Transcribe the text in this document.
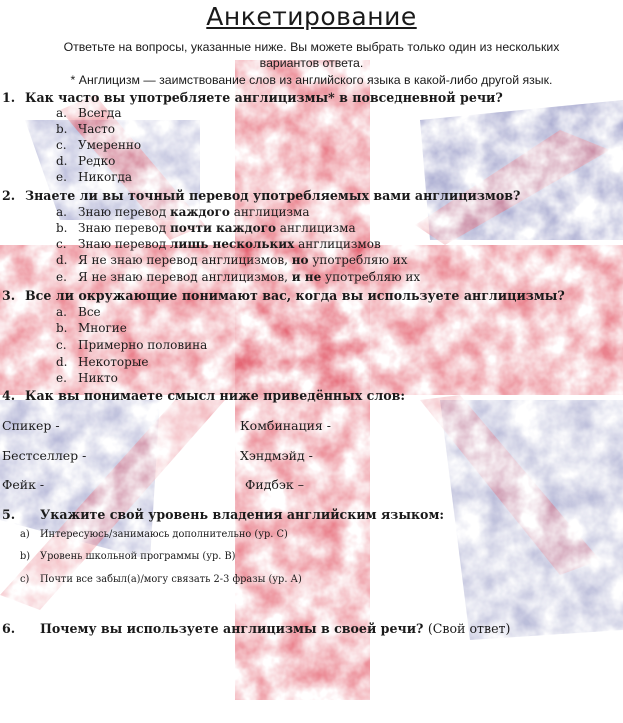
Анкетирование
Ответьте на вопросы, указанные ниже. Вы можете выбрать только один из нескольких
вариантов ответа.
* Англицизм — заимствование слов из английского языка в какой-либо другой язык.
1. Как часто вы употребляете англицизмы* в повседневной речи?
a. Всегда
b. Часто
c. Умеренно
d. Редко
e. Никогда
2. Знаете ли вы точный перевод употребляемых вами англицизмов?
a. Знаю перевод каждого англицизма
b. Знаю перевод почти каждого англицизма
c. Знаю перевод лишь нескольких англицизмов
d. Я не знаю перевод англицизмов, но употребляю их
e. Я не знаю перевод англицизмов, и не употребляю их
3. Все ли окружающие понимают вас, когда вы используете англицизмы?
a. Все
b. Многие
c. Примерно половина
d. Некоторые
e. Никто
4. Как вы понимаете смысл ниже приведённых слов:
Спикер -	Комбинация -
Бестселлер -	Хэндмэйд -
Фейк -	Фидбэк –
5. Укажите свой уровень владения английским языком:
a) Интересуюсь/занимаюсь дополнительно (ур. С)
b) Уровень школьной программы (ур. В)
c) Почти все забыл(а)/могу связать 2-3 фразы (ур. А)
6. Почему вы используете англицизмы в своей речи? (Свой ответ)
